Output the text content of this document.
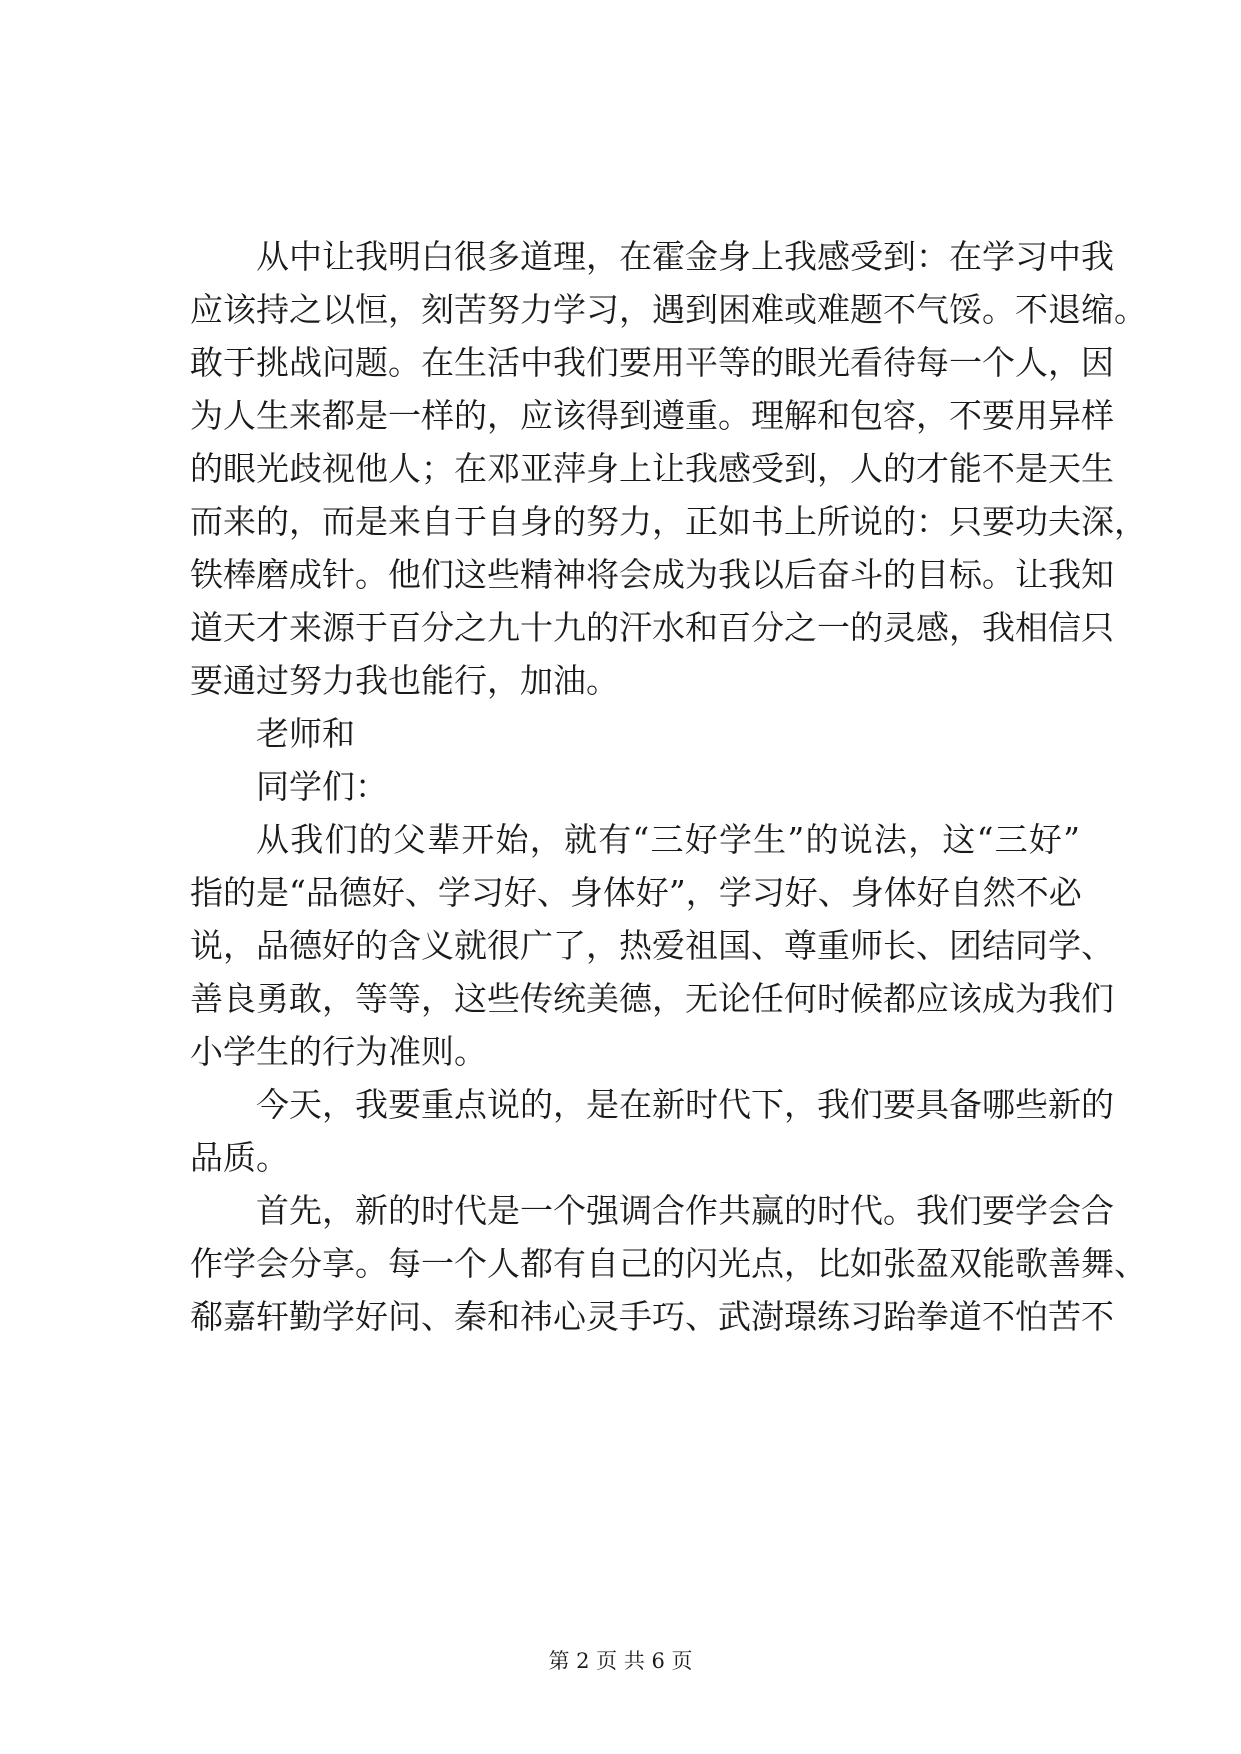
从中让我明白很多道理，在霍金身上我感受到：在学习中我
应该持之以恒，刻苦努力学习，遇到困难或难题不气馁。不退缩。
敢于挑战问题。在生活中我们要用平等的眼光看待每一个人，因
为人生来都是一样的，应该得到遵重。理解和包容，不要用异样
的眼光歧视他人；在邓亚萍身上让我感受到，人的才能不是天生
而来的，而是来自于自身的努力，正如书上所说的：只要功夫深，
铁棒磨成针。他们这些精神将会成为我以后奋斗的目标。让我知
道天才来源于百分之九十九的汗水和百分之一的灵感，我相信只
要通过努力我也能行，加油。
老师和
同学们：
从我们的父辈开始，就有“三好学生”的说法，这“三好”
指的是“品德好、学习好、身体好”，学习好、身体好自然不必
说，品德好的含义就很广了，热爱祖国、尊重师长、团结同学、
善良勇敢，等等，这些传统美德，无论任何时候都应该成为我们
小学生的行为准则。
今天，我要重点说的，是在新时代下，我们要具备哪些新的
品质。
首先，新的时代是一个强调合作共赢的时代。我们要学会合
作学会分享。每一个人都有自己的闪光点，比如张盈双能歌善舞、
郗嘉轩勤学好问、秦和祎心灵手巧、武澍璟练习跆拳道不怕苦不
第 2 页 共 6 页
